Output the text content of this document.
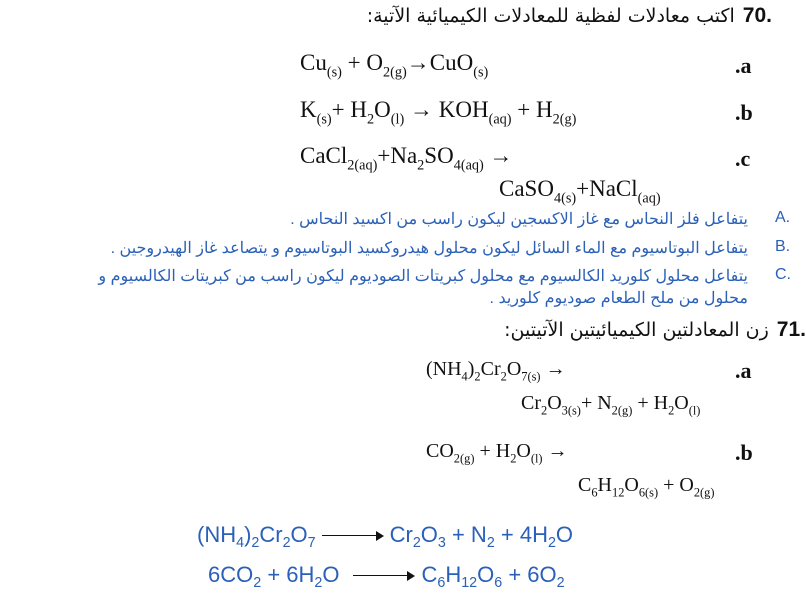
70.
اكتب معادلات لفظية للمعادلات الكيميائية الآتية:
$Cu_{(s)} + O_{2(g)}\to CuO_{(s)}$	.a
$K_{(s)}+ H_2O_{(l)} \to KOH_{(aq)} + H_{2(g)}$	.b
$CaCl_{2(aq)}+Na_2SO_{4(aq)}$ →	.c
CaSO$_{4(s)}$+NaCl$_{(aq)}$
يتفاعل فلز النحاس مع غاز الاكسجين ليكون راسب من اكسيد النحاس . A.
يتفاعل البوتاسيوم مع الماء السائل ليكون محلول هيدروكسيد البوتاسيوم و يتصاعد غاز الهيدروجين . B.
يتفاعل محلول كلوريد الكالسيوم مع محلول كبريتات الصوديوم ليكون راسب من كبريتات الكالسيوم و
محلول من ملح الطعام صوديوم كلوريد .
C.
71.
زن المعادلتين الكيميائيتين الآتيتين:
$(NH_4)_2Cr_2O_{7(s)}$ →	.a
$Cr_2O_{3(s)}+ N_{2(g)} + H_2O_{(l)}$
$CO_{2(g)} + H_2O_{(l)}$ →	.b
$C_6H_{12}O_{6(s)} + O_{2(g)}$
$(NH_4)_2Cr_2O_7$	$Cr_2O_3 + N_2 + 4H_2O$
$6CO_2 + 6H_2O$	$C_6H_{12}O_6 + 6O_2$
